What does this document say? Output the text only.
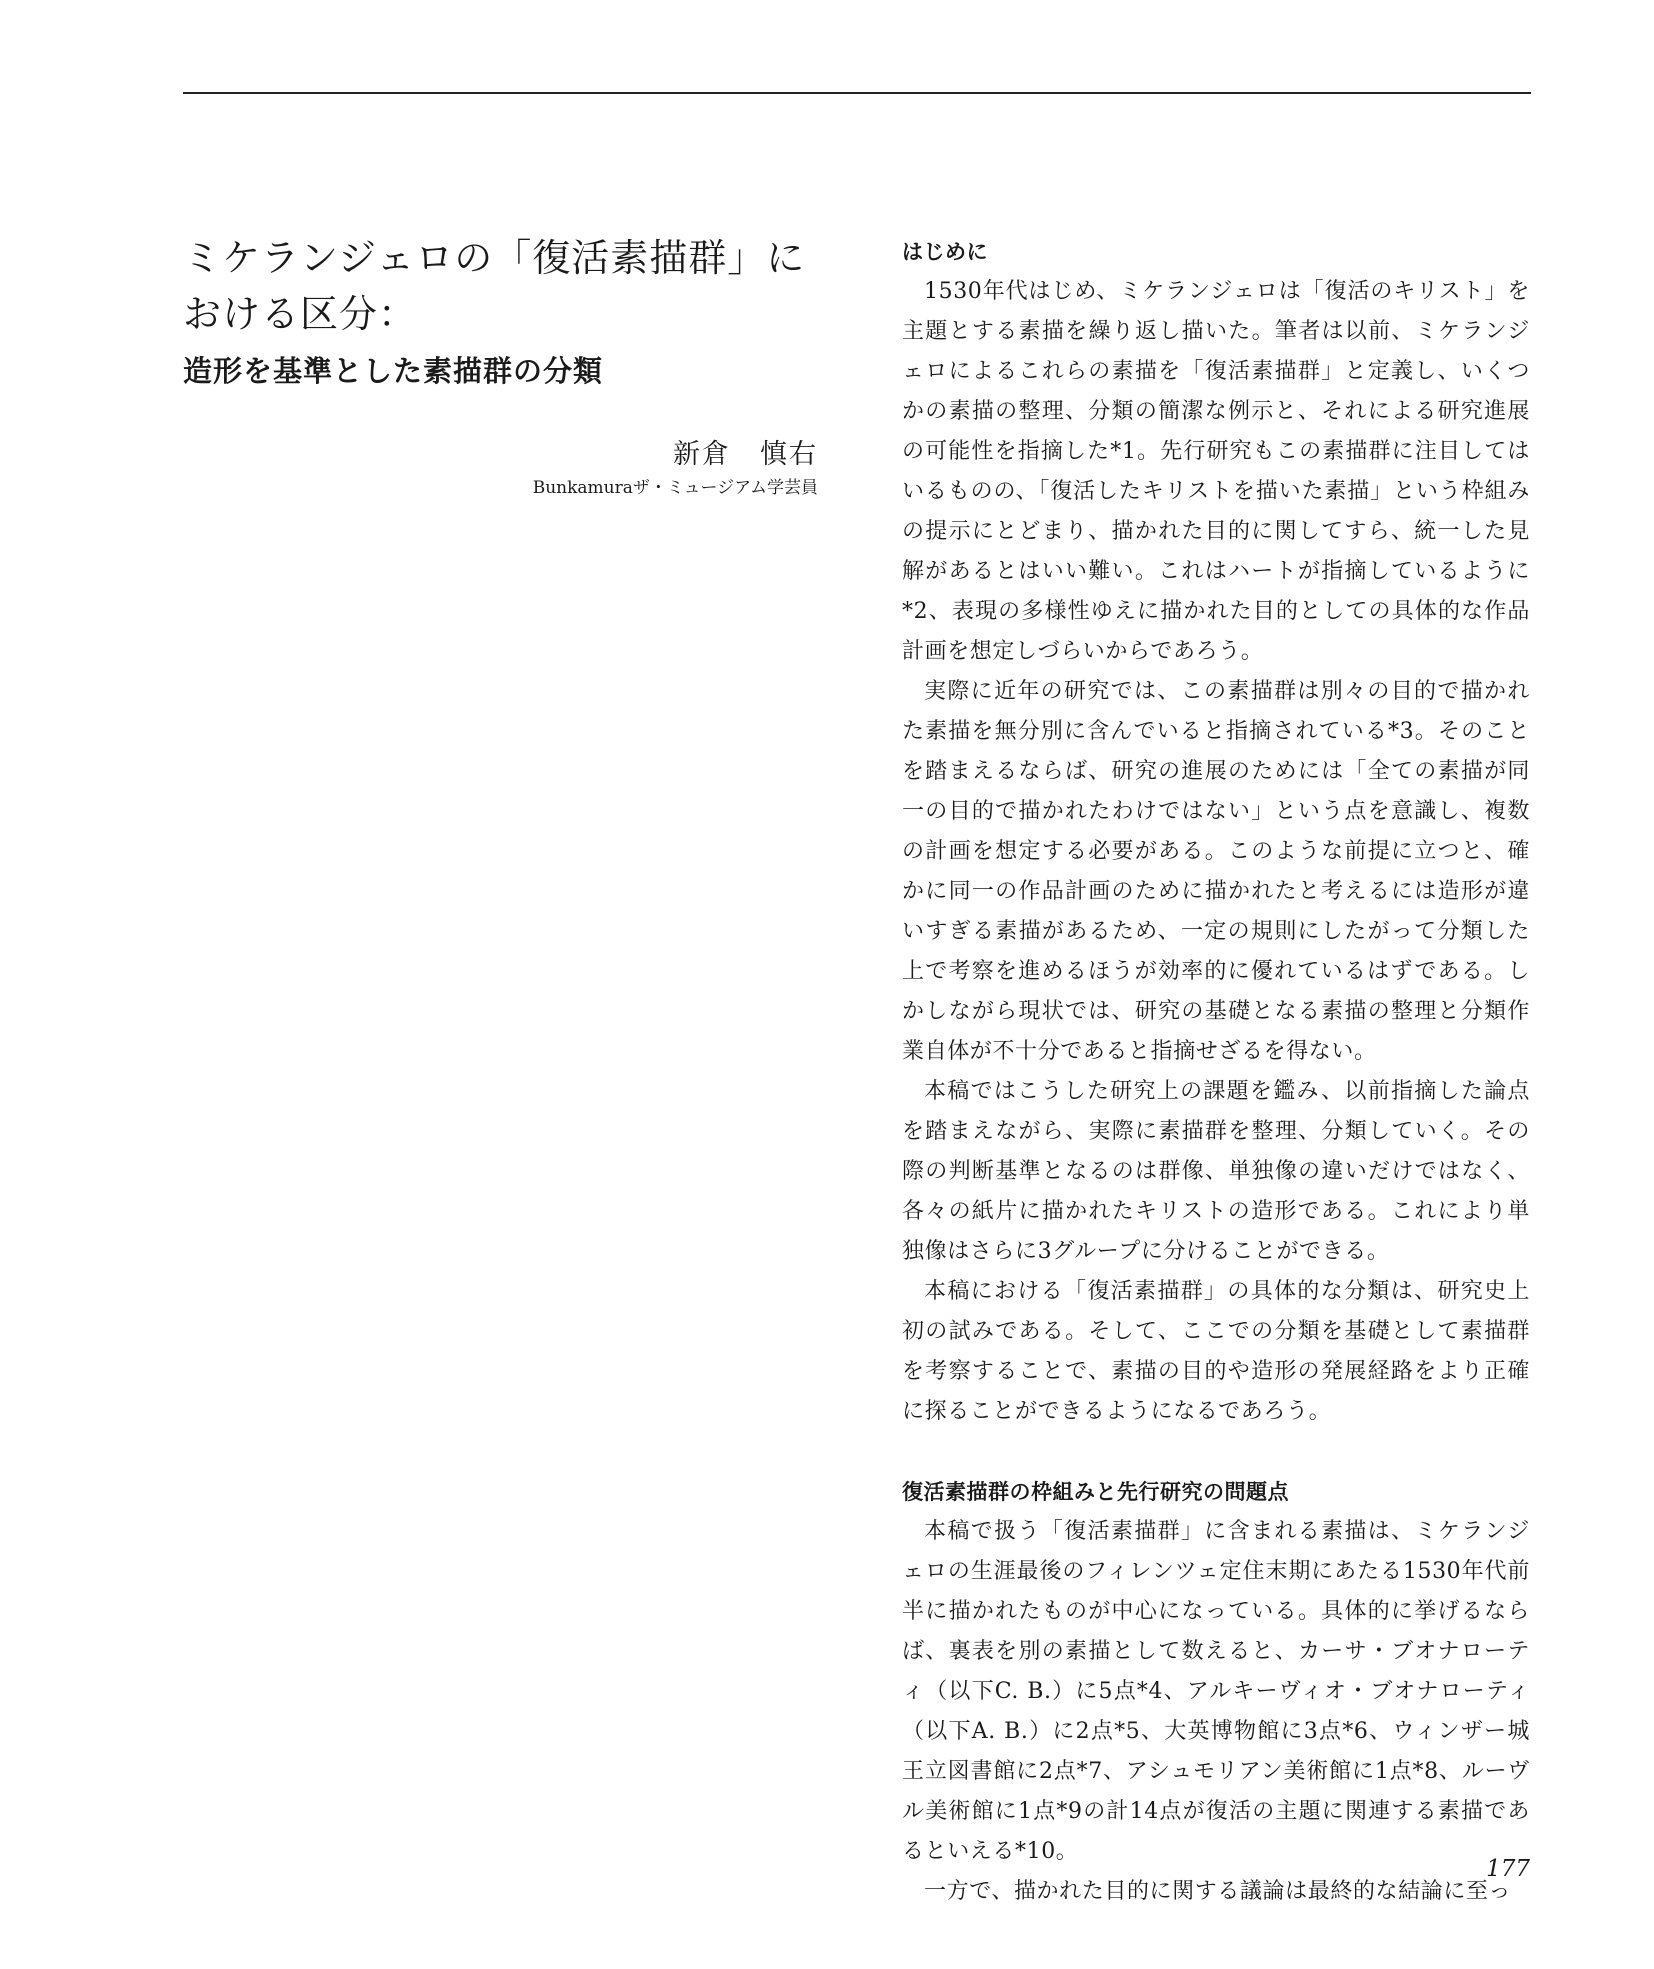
ミケランジェロの「復活素描群」における区分：
造形を基準とした素描群の分類
新倉　慎右
Bunkamuraザ・ミュージアム学芸員
はじめに

1530年代はじめ、ミケランジェロは「復活のキリスト」を主題とする素描を繰り返し描いた。筆者は以前、ミケランジェロによるこれらの素描を「復活素描群」と定義し、いくつかの素描の整理、分類の簡潔な例示と、それによる研究進展の可能性を指摘した*1。先行研究もこの素描群に注目してはいるものの、「復活したキリストを描いた素描」という枠組みの提示にとどまり、描かれた目的に関してすら、統一した見解があるとはいい難い。これはハートが指摘しているように*2、表現の多様性ゆえに描かれた目的としての具体的な作品計画を想定しづらいからであろう。

実際に近年の研究では、この素描群は別々の目的で描かれた素描を無分別に含んでいると指摘されている*3。そのことを踏まえるならば、研究の進展のためには「全ての素描が同一の目的で描かれたわけではない」という点を意識し、複数の計画を想定する必要がある。このような前提に立つと、確かに同一の作品計画のために描かれたと考えるには造形が違いすぎる素描があるため、一定の規則にしたがって分類した上で考察を進めるほうが効率的に優れているはずである。しかしながら現状では、研究の基礎となる素描の整理と分類作業自体が不十分であると指摘せざるを得ない。

本稿ではこうした研究上の課題を鑑み、以前指摘した論点を踏まえながら、実際に素描群を整理、分類していく。その際の判断基準となるのは群像、単独像の違いだけではなく、各々の紙片に描かれたキリストの造形である。これにより単独像はさらに3グループに分けることができる。

本稿における「復活素描群」の具体的な分類は、研究史上初の試みである。そして、ここでの分類を基礎として素描群を考察することで、素描の目的や造形の発展経路をより正確に探ることができるようになるであろう。

復活素描群の枠組みと先行研究の問題点

本稿で扱う「復活素描群」に含まれる素描は、ミケランジェロの生涯最後のフィレンツェ定住末期にあたる1530年代前半に描かれたものが中心になっている。具体的に挙げるならば、裏表を別の素描として数えると、カーサ・ブオナローティ（以下C. B.）に5点*4、アルキーヴィオ・ブオナローティ（以下A. B.）に2点*5、大英博物館に3点*6、ウィンザー城王立図書館に2点*7、アシュモリアン美術館に1点*8、ルーヴル美術館に1点*9の計14点が復活の主題に関連する素描であるといえる*10。

一方で、描かれた目的に関する議論は最終的な結論に至っ

177
